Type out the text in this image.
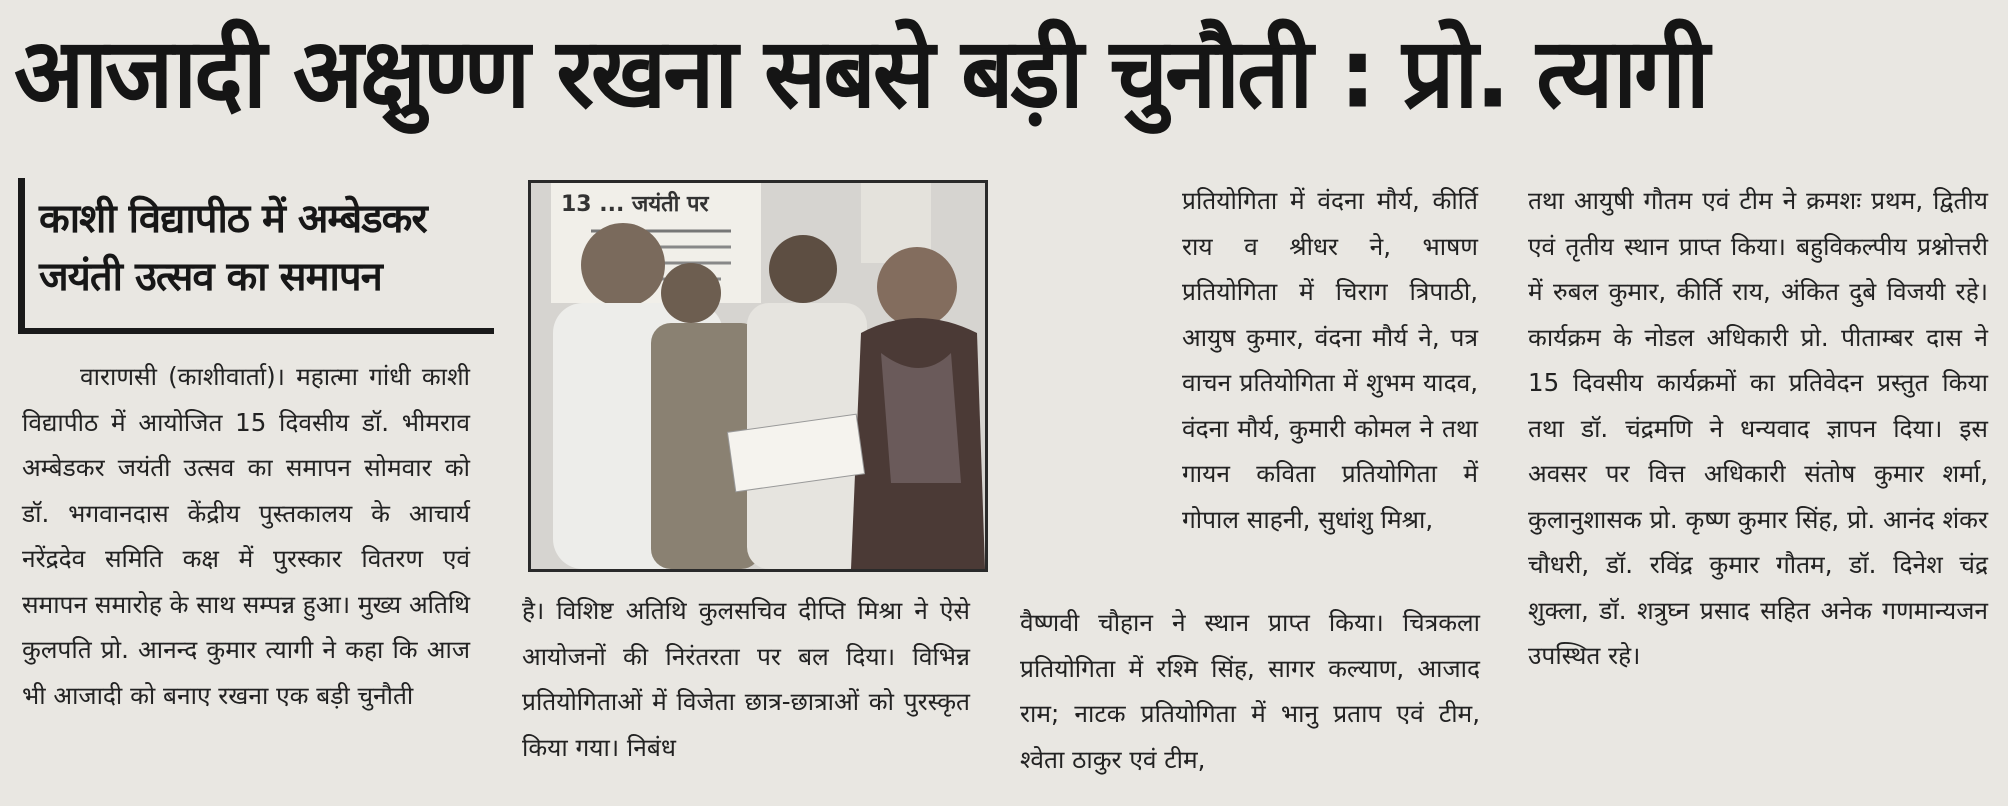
आजादी अक्षुण्ण रखना सबसे बड़ी चुनौती : प्रो. त्यागी
काशी विद्यापीठ में अम्बेडकर
जयंती उत्सव का समापन

वाराणसी (काशीवार्ता)। महात्मा गांधी काशी विद्यापीठ में आयोजित 15 दिवसीय डॉ. भीमराव अम्बेडकर जयंती उत्सव का समापन सोमवार को डॉ. भगवानदास केंद्रीय पुस्तकालय के आचार्य नरेंद्रदेव समिति कक्ष में पुरस्कार वितरण एवं समापन समारोह के साथ सम्पन्न हुआ। मुख्य अतिथि कुलपति प्रो. आनन्द कुमार त्यागी ने कहा कि आज भी आजादी को बनाए रखना एक बड़ी चुनौती

13 ... जयंती पर

है। विशिष्ट अतिथि कुलसचिव दीप्ति मिश्रा ने ऐसे आयोजनों की निरंतरता पर बल दिया। विभिन्न प्रतियोगिताओं में विजेता छात्र-छात्राओं को पुरस्कृत किया गया। निबंध

प्रतियोगिता में वंदना मौर्य, कीर्ति राय व श्रीधर ने, भाषण प्रतियोगिता में चिराग त्रिपाठी, आयुष कुमार, वंदना मौर्य ने, पत्र वाचन प्रतियोगिता में शुभम यादव, वंदना मौर्य, कुमारी कोमल ने तथा गायन कविता प्रतियोगिता में गोपाल साहनी, सुधांशु मिश्रा,

वैष्णवी चौहान ने स्थान प्राप्त किया। चित्रकला प्रतियोगिता में रश्मि सिंह, सागर कल्याण, आजाद राम; नाटक प्रतियोगिता में भानु प्रताप एवं टीम, श्वेता ठाकुर एवं टीम,

तथा आयुषी गौतम एवं टीम ने क्रमशः प्रथम, द्वितीय एवं तृतीय स्थान प्राप्त किया। बहुविकल्पीय प्रश्नोत्तरी में रुबल कुमार, कीर्ति राय, अंकित दुबे विजयी रहे। कार्यक्रम के नोडल अधिकारी प्रो. पीताम्बर दास ने 15 दिवसीय कार्यक्रमों का प्रतिवेदन प्रस्तुत किया तथा डॉ. चंद्रमणि ने धन्यवाद ज्ञापन दिया। इस अवसर पर वित्त अधिकारी संतोष कुमार शर्मा, कुलानुशासक प्रो. कृष्ण कुमार सिंह, प्रो. आनंद शंकर चौधरी, डॉ. रविंद्र कुमार गौतम, डॉ. दिनेश चंद्र शुक्ला, डॉ. शत्रुघ्न प्रसाद सहित अनेक गणमान्यजन उपस्थित रहे।
